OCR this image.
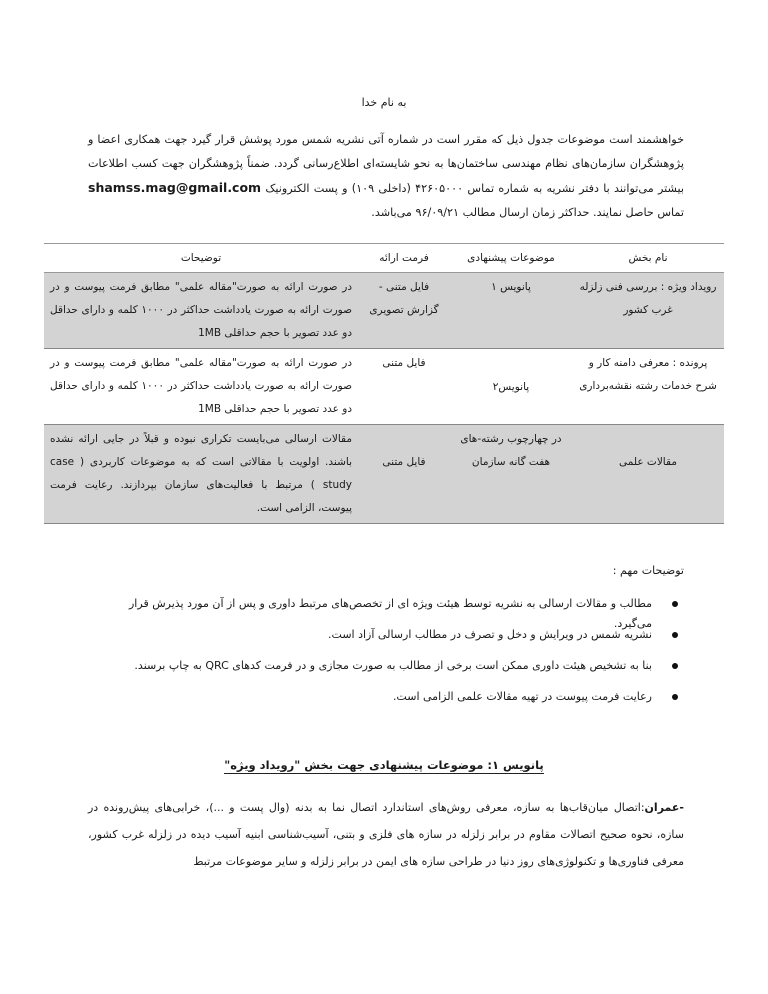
به نام خدا

خواهشمند است موضوعات جدول ذیل که مقرر است در شماره آتی نشریه شمس مورد پوشش قرار گیرد جهت همکاری اعضا و پژوهشگران سازمان‌های نظام مهندسی ساختمان‌ها به نحو شایسته‌ای اطلاع‌رسانی گردد. ضمناً پژوهشگران جهت کسب اطلاعات بیشتر می‌توانند با دفتر نشریه به شماره تماس ۴۲۶۰۵۰۰۰ (داخلی ۱۰۹) و پست الکترونیک shamss.mag@gmail.com تماس حاصل نمایند. حداکثر زمان ارسال مطالب ۹۶/۰۹/۲۱ می‌باشد.

نام بخش	موضوعات پیشنهادی	فرمت ارائه	توضیحات
رویداد ویژه : بررسی فنی زلزله غرب کشور	پانویس ۱	فایل متنی - گزارش تصویری	در صورت ارائه به صورت"مقاله علمی" مطابق فرمت پیوست و در صورت ارائه به صورت یادداشت حداکثر در ۱۰۰۰ کلمه و دارای حداقل دو عدد تصویر با حجم حداقلی 1MB
پرونده : معرفی دامنه کار و شرح خدمات رشته نقشه‌برداری	پانویس۲	فایل متنی	در صورت ارائه به صورت"مقاله علمی" مطابق فرمت پیوست و در صورت ارائه به صورت یادداشت حداکثر در ۱۰۰۰ کلمه و دارای حداقل دو عدد تصویر با حجم حداقلی 1MB
مقالات علمی	در چهارچوب رشته-های هفت گانه سازمان	فایل متنی	مقالات ارسالی می‌بایست تکراری نبوده و قبلاً در جایی ارائه نشده باشند. اولویت با مقالاتی است که به موضوعات کاربردی ( case study ) مرتبط با فعالیت‌های سازمان بپردازند. رعایت فرمت پیوست، الزامی است.
توضیحات مهم :
مطالب و مقالات ارسالی به نشریه توسط هیئت ویژه ای از تخصص‌های مرتبط داوری و پس از آن مورد پذیرش قرار می‌گیرد.
نشریه شمس در ویرایش و دخل و تصرف در مطالب ارسالی آزاد است.
بنا به تشخیص هیئت داوری ممکن است برخی از مطالب به صورت مجازی و در فرمت کدهای QRC به چاپ برسند.
رعایت فرمت پیوست در تهیه مقالات علمی الزامی است.
پانویس ۱: موضوعات پیشنهادی جهت بخش "رویداد ویژه"

-عمران:اتصال میان‌قاب‌ها به سازه، معرفی روش‌های استاندارد اتصال نما به بدنه (وال پست و ...)، خرابی‌های پیش‌رونده در سازه، نحوه صحیح اتصالات مقاوم در برابر زلزله در سازه های فلزی و بتنی، آسیب‌شناسی ابنیه آسیب دیده در زلزله غرب کشور، معرفی فناوری‌ها و تکنولوژی‌های روز دنیا در طراحی سازه های ایمن در برابر زلزله و سایر موضوعات مرتبط
